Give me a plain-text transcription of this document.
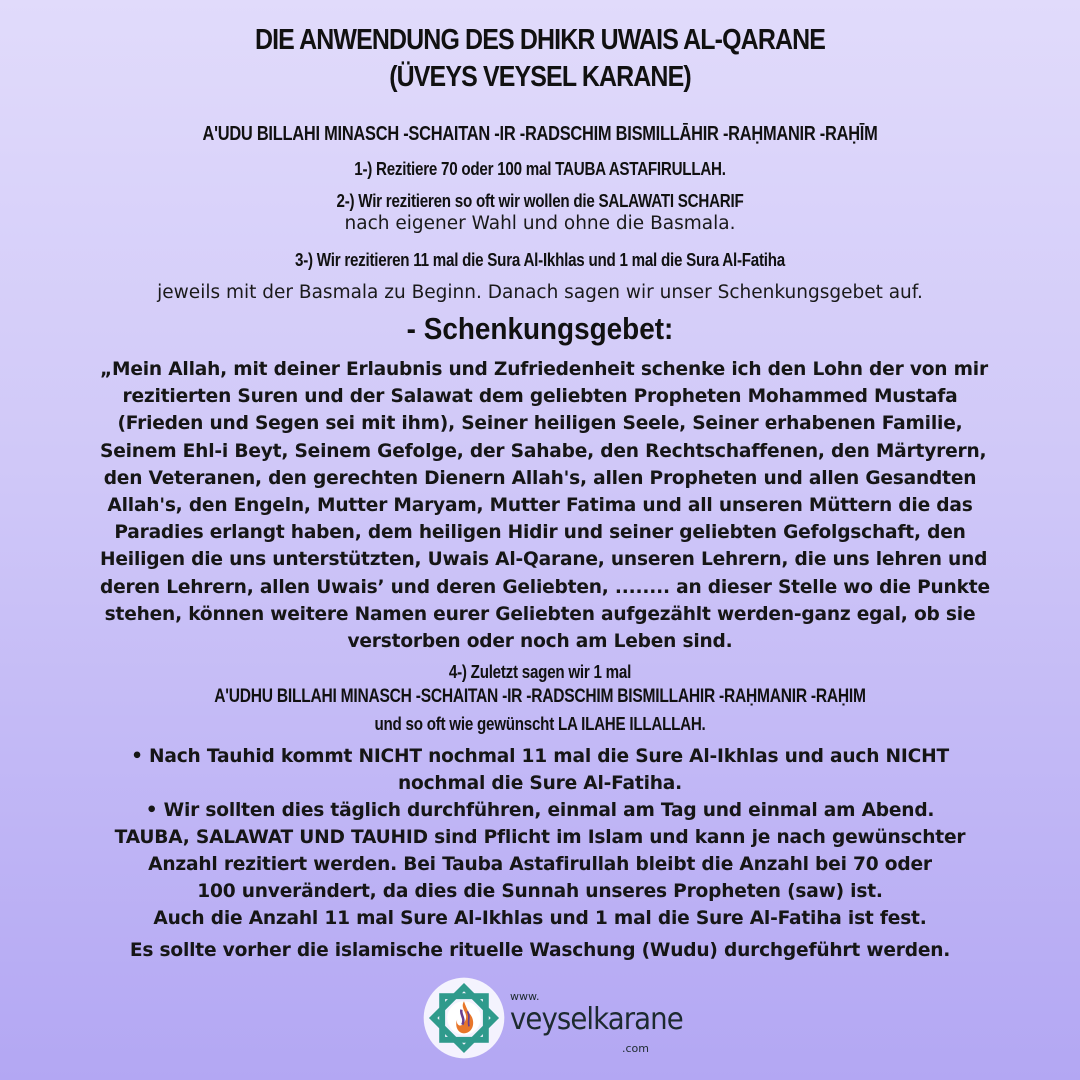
DIE ANWENDUNG DES DHIKR UWAIS AL-QARANE
(ÜVEYS VEYSEL KARANE)
A'UDU BILLAHI MINASCH -SCHAITAN -IR -RADSCHIM BISMILLĀHIR -RAḤMANIR -RAḤĪM
1-) Rezitiere 70 oder 100 mal TAUBA ASTAFIRULLAH.
2-) Wir rezitieren so oft wir wollen die SALAWATI SCHARIF
nach eigener Wahl und ohne die Basmala.
3-) Wir rezitieren 11 mal die Sura Al-Ikhlas und 1 mal die Sura Al-Fatiha
jeweils mit der Basmala zu Beginn. Danach sagen wir unser Schenkungsgebet auf.
- Schenkungsgebet:
„Mein Allah, mit deiner Erlaubnis und Zufriedenheit schenke ich den Lohn der von mir
rezitierten Suren und der Salawat dem geliebten Propheten Mohammed Mustafa
(Frieden und Segen sei mit ihm), Seiner heiligen Seele, Seiner erhabenen Familie,
Seinem Ehl-i Beyt, Seinem Gefolge, der Sahabe, den Rechtschaffenen, den Märtyrern,
den Veteranen, den gerechten Dienern Allah's, allen Propheten und allen Gesandten
Allah's, den Engeln, Mutter Maryam, Mutter Fatima und all unseren Müttern die das
Paradies erlangt haben, dem heiligen Hidir und seiner geliebten Gefolgschaft, den
Heiligen die uns unterstützten, Uwais Al-Qarane, unseren Lehrern, die uns lehren und
deren Lehrern, allen Uwais’ und deren Geliebten, ........ an dieser Stelle wo die Punkte
stehen, können weitere Namen eurer Geliebten aufgezählt werden-ganz egal, ob sie
verstorben oder noch am Leben sind.
4-) Zuletzt sagen wir 1 mal
A'UDHU BILLAHI MINASCH -SCHAITAN -IR -RADSCHIM BISMILLAHIR -RAḤMANIR -RAḤIM
und so oft wie gewünscht LA ILAHE ILLALLAH.
• Nach Tauhid kommt NICHT nochmal 11 mal die Sure Al-Ikhlas und auch NICHT
nochmal die Sure Al-Fatiha.
• Wir sollten dies täglich durchführen, einmal am Tag und einmal am Abend.
TAUBA, SALAWAT UND TAUHID sind Pflicht im Islam und kann je nach gewünschter
Anzahl rezitiert werden. Bei Tauba Astafirullah bleibt die Anzahl bei 70 oder
100 unverändert, da dies die Sunnah unseres Propheten (saw) ist.
Auch die Anzahl 11 mal Sure Al-Ikhlas und 1 mal die Sure Al-Fatiha ist fest.
Es sollte vorher die islamische rituelle Waschung (Wudu) durchgeführt werden.
www.
veyselkarane
.com
